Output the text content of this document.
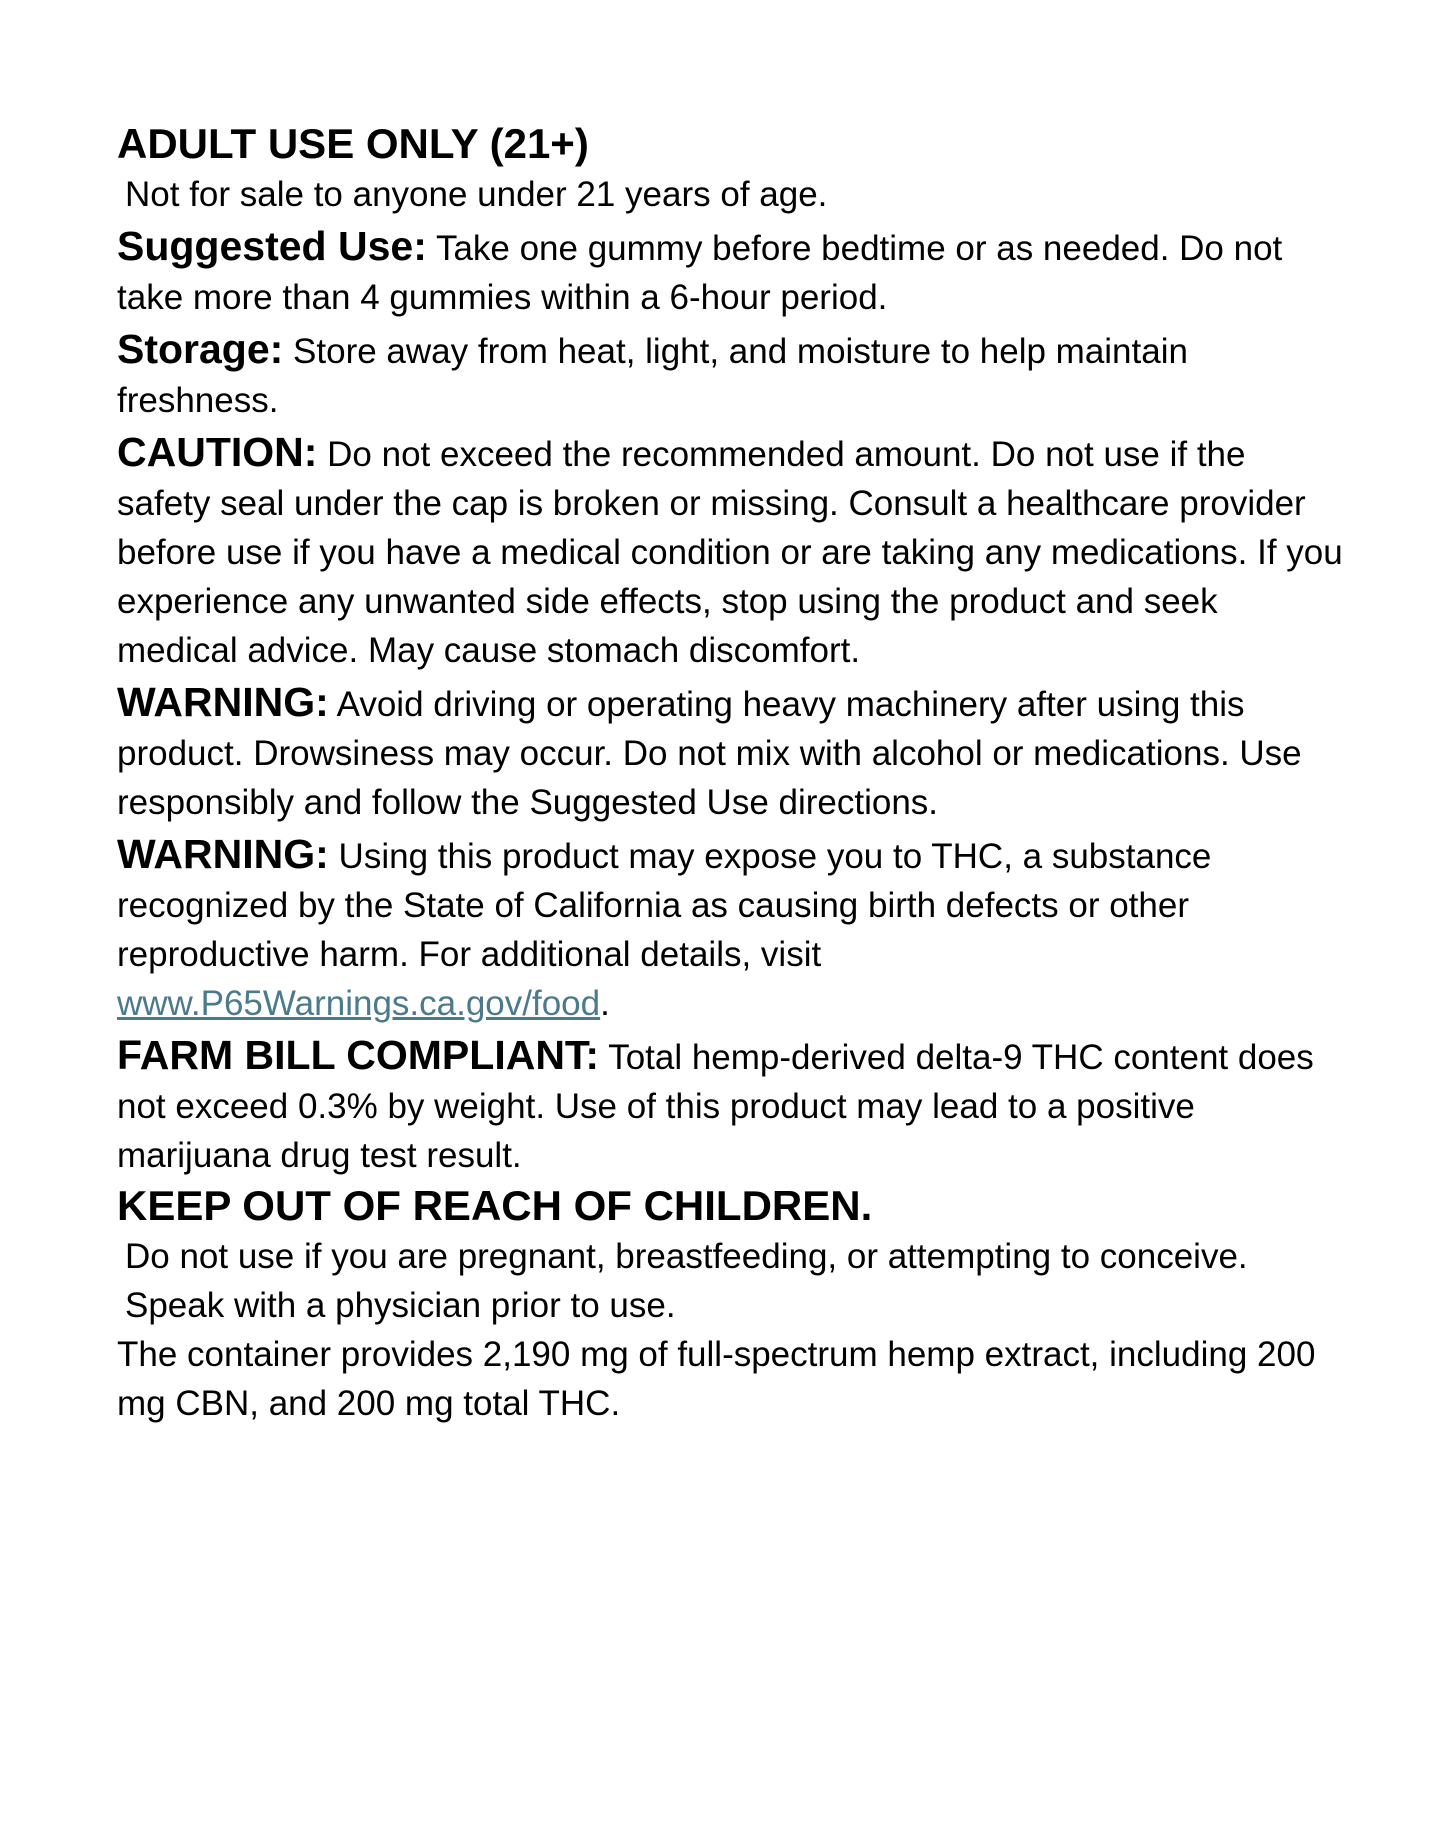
ADULT USE ONLY (21+)
Not for sale to anyone under 21 years of age.

Suggested Use: Take one gummy before bedtime or as needed. Do not take more than 4 gummies within a 6-hour period.

Storage: Store away from heat, light, and moisture to help maintain freshness.

CAUTION: Do not exceed the recommended amount. Do not use if the safety seal under the cap is broken or missing. Consult a healthcare provider before use if you have a medical condition or are taking any medications. If you experience any unwanted side effects, stop using the product and seek medical advice. May cause stomach discomfort.

WARNING: Avoid driving or operating heavy machinery after using this product. Drowsiness may occur. Do not mix with alcohol or medications. Use responsibly and follow the Suggested Use directions.

WARNING: Using this product may expose you to THC, a substance recognized by the State of California as causing birth defects or other reproductive harm. For additional details, visit
www.P65Warnings.ca.gov/food.

FARM BILL COMPLIANT: Total hemp-derived delta-9 THC content does not exceed 0.3% by weight. Use of this product may lead to a positive marijuana drug test result.

KEEP OUT OF REACH OF CHILDREN.
Do not use if you are pregnant, breastfeeding, or attempting to conceive. Speak with a physician prior to use.
The container provides 2,190 mg of full-spectrum hemp extract, including 200 mg CBN, and 200 mg total THC.
